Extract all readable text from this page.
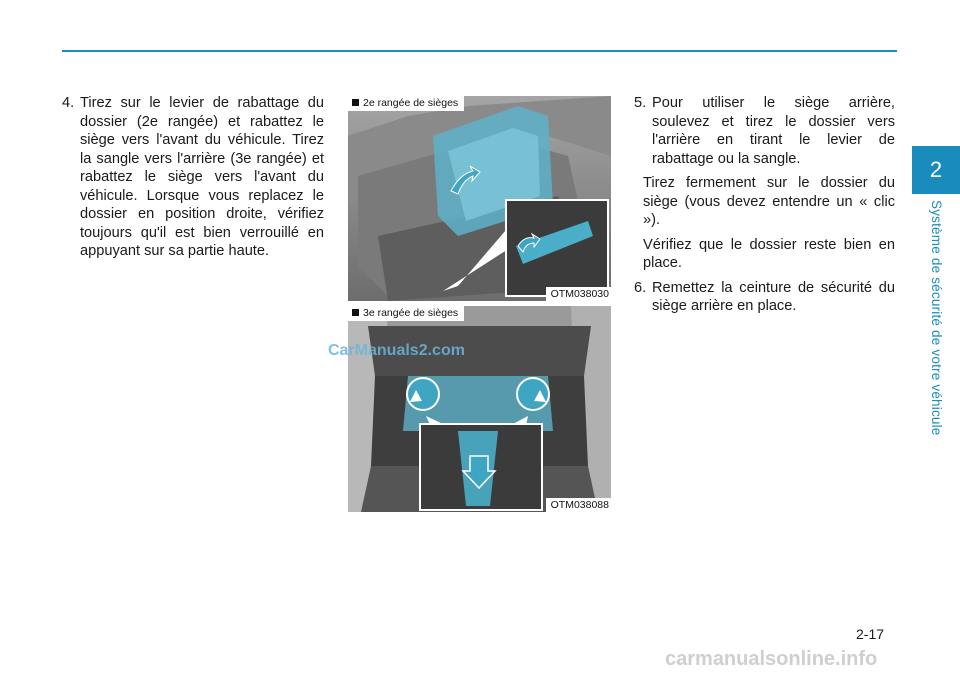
2
Système de sécurité de votre véhicule
4. Tirez sur le levier de rabattage du dossier (2e rangée) et rabattez le siège vers l'avant du véhicule. Tirez la sangle vers l'arrière (3e rangée) et rabattez le siège vers l'avant du véhicule. Lorsque vous replacez le dossier en position droite, vérifiez toujours qu'il est bien verrouillé en appuyant sur sa partie haute.
2e rangée de sièges
OTM038030
3e rangée de sièges
OTM038088
CarManuals2.com
5. Pour utiliser le siège arrière, soulevez et tirez le dossier vers l'arrière en tirant le levier de rabattage ou la sangle.
Tirez fermement sur le dossier du siège (vous devez entendre un « clic »).
Vérifiez que le dossier reste bien en place.
6. Remettez la ceinture de sécurité du siège arrière en place.
2-17
carmanualsonline.info
